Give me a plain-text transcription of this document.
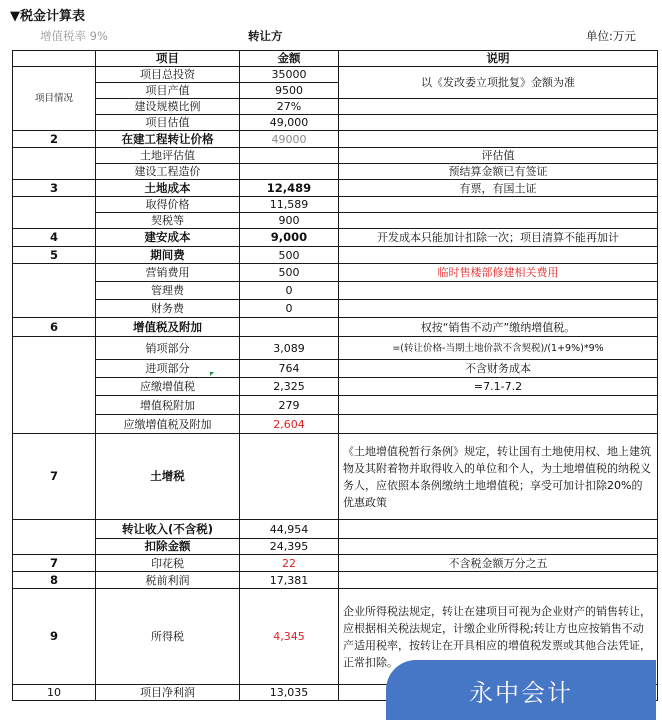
▼税金计算表
增值税率 9%	转让方	单位:万元
	项目	金额	说明
项目情况	项目总投资	35000	以《发改委立项批复》金额为准
	项目产值	9500	
	建设规模比例	27%	
	项目估值	49,000	
2	在建工程转让价格	49000	
	土地评估值		评估值
	建设工程造价		预结算金额已有签证
3	土地成本	12,489	有票，有国土证
	取得价格	11,589	
	契税等	900	
4	建安成本	9,000	开发成本只能加计扣除一次；项目清算不能再加计
5	期间费	500	
	营销费用	500	临时售楼部修建相关费用
	管理费	0	
	财务费	0	
6	增值税及附加		权按“销售不动产”缴纳增值税。
	销项部分	3,089	=(转让价格-当期土地价款不含契税)/(1+9%)*9%
	进项部分	764	不含财务成本
	应缴增值税	2,325	=7.1-7.2
	增值税附加	279	
	应缴增值税及附加	2,604	
7	土增税		《土地增值税暂行条例》规定，转让国有土地使用权、地上建筑物及其附着物并取得收入的单位和个人，为土地增值税的纳税义务人，应依照本条例缴纳土地增值税；享受可加计扣除20%的优惠政策
	转让收入(不含税)	44,954	
	扣除金额	24,395	
7	印花税	22	不含税金额万分之五
8	税前利润	17,381	
9	所得税	4,345	企业所得税法规定，转让在建项目可视为企业财产的销售转让，应根据相关税法规定，计缴企业所得税;转让方也应按销售不动产适用税率，按转让在开具相应的增值税发票或其他合法凭证，正常扣除。
10	项目净利润	13,035		永中会计
